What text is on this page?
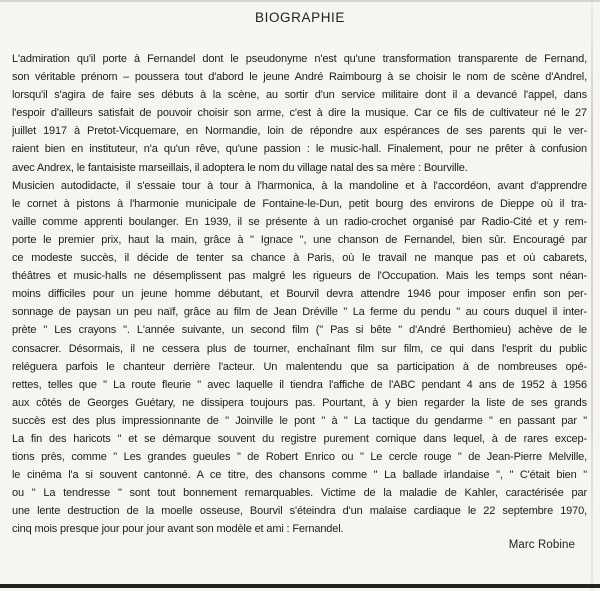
BIOGRAPHIE
L'admiration qu'il porte à Fernandel dont le pseudonyme n'est qu'une transformation transparente de Fernand,
son véritable prénom – poussera tout d'abord le jeune André Raimbourg à se choisir le nom de scène d'Andrel,
lorsqu'il s'agira de faire ses débuts à la scène, au sortir d'un service militaire dont il a devancé l'appel, dans
l'espoir d'ailleurs satisfait de pouvoir choisir son arme, c'est à dire la musique. Car ce fils de cultivateur né le 27
juillet 1917 à Pretot-Vicquemare, en Normandie, loin de répondre aux espérances de ses parents qui le ver-
raient bien en instituteur, n'a qu'un rêve, qu'une passion : le music-hall. Finalement, pour ne prêter à confusion
avec Andrex, le fantaisiste marseillais, il adoptera le nom du village natal des sa mère : Bourville.
Musicien autodidacte, il s'essaie tour à tour à l'harmonica, à la mandoline et à l'accordéon, avant d'apprendre
le cornet à pistons à l'harmonie municipale de Fontaine-le-Dun, petit bourg des environs de Dieppe où il tra-
vaille comme apprenti boulanger. En 1939, il se présente à un radio-crochet organisé par Radio-Cité et y rem-
porte le premier prix, haut la main, grâce à " Ignace ", une chanson de Fernandel, bien sûr. Encouragé par
ce modeste succès, il décide de tenter sa chance à Paris, où le travail ne manque pas et où cabarets,
théâtres et music-halls ne désemplissent pas malgré les rigueurs de l'Occupation. Mais les temps sont néan-
moins difficiles pour un jeune homme débutant, et Bourvil devra attendre 1946 pour imposer enfin son per-
sonnage de paysan un peu naïf, grâce au film de Jean Dréville " La ferme du pendu " au cours duquel il inter-
prète " Les crayons ". L'année suivante, un second film (" Pas si bête " d'André Berthomieu) achève de le
consacrer. Désormais, il ne cessera plus de tourner, enchaînant film sur film, ce qui dans l'esprit du public
reléguera parfois le chanteur derrière l'acteur. Un malentendu que sa participation à de nombreuses opé-
rettes, telles que " La route fleurie " avec laquelle il tiendra l'affiche de l'ABC pendant 4 ans de 1952 à 1956
aux côtés de Georges Guétary, ne dissipera toujours pas. Pourtant, à y bien regarder la liste de ses grands
succès est des plus impressionnante de " Joinville le pont " à " La tactique du gendarme " en passant par "
La fin des haricots " et se démarque souvent du registre purement comique dans lequel, à de rares excep-
tions près, comme " Les grandes gueules " de Robert Enrico ou " Le cercle rouge " de Jean-Pierre Melville,
le cinéma l'a si souvent cantonné. A ce titre, des chansons comme " La ballade irlandaise ", " C'était bien "
ou " La tendresse " sont tout bonnement remarquables. Victime de la maladie de Kahler, caractérisée par
une lente destruction de la moelle osseuse, Bourvil s'éteindra d'un malaise cardiaque le 22 septembre 1970,
cinq mois presque jour pour jour avant son modèle et ami : Fernandel.
Marc Robine
